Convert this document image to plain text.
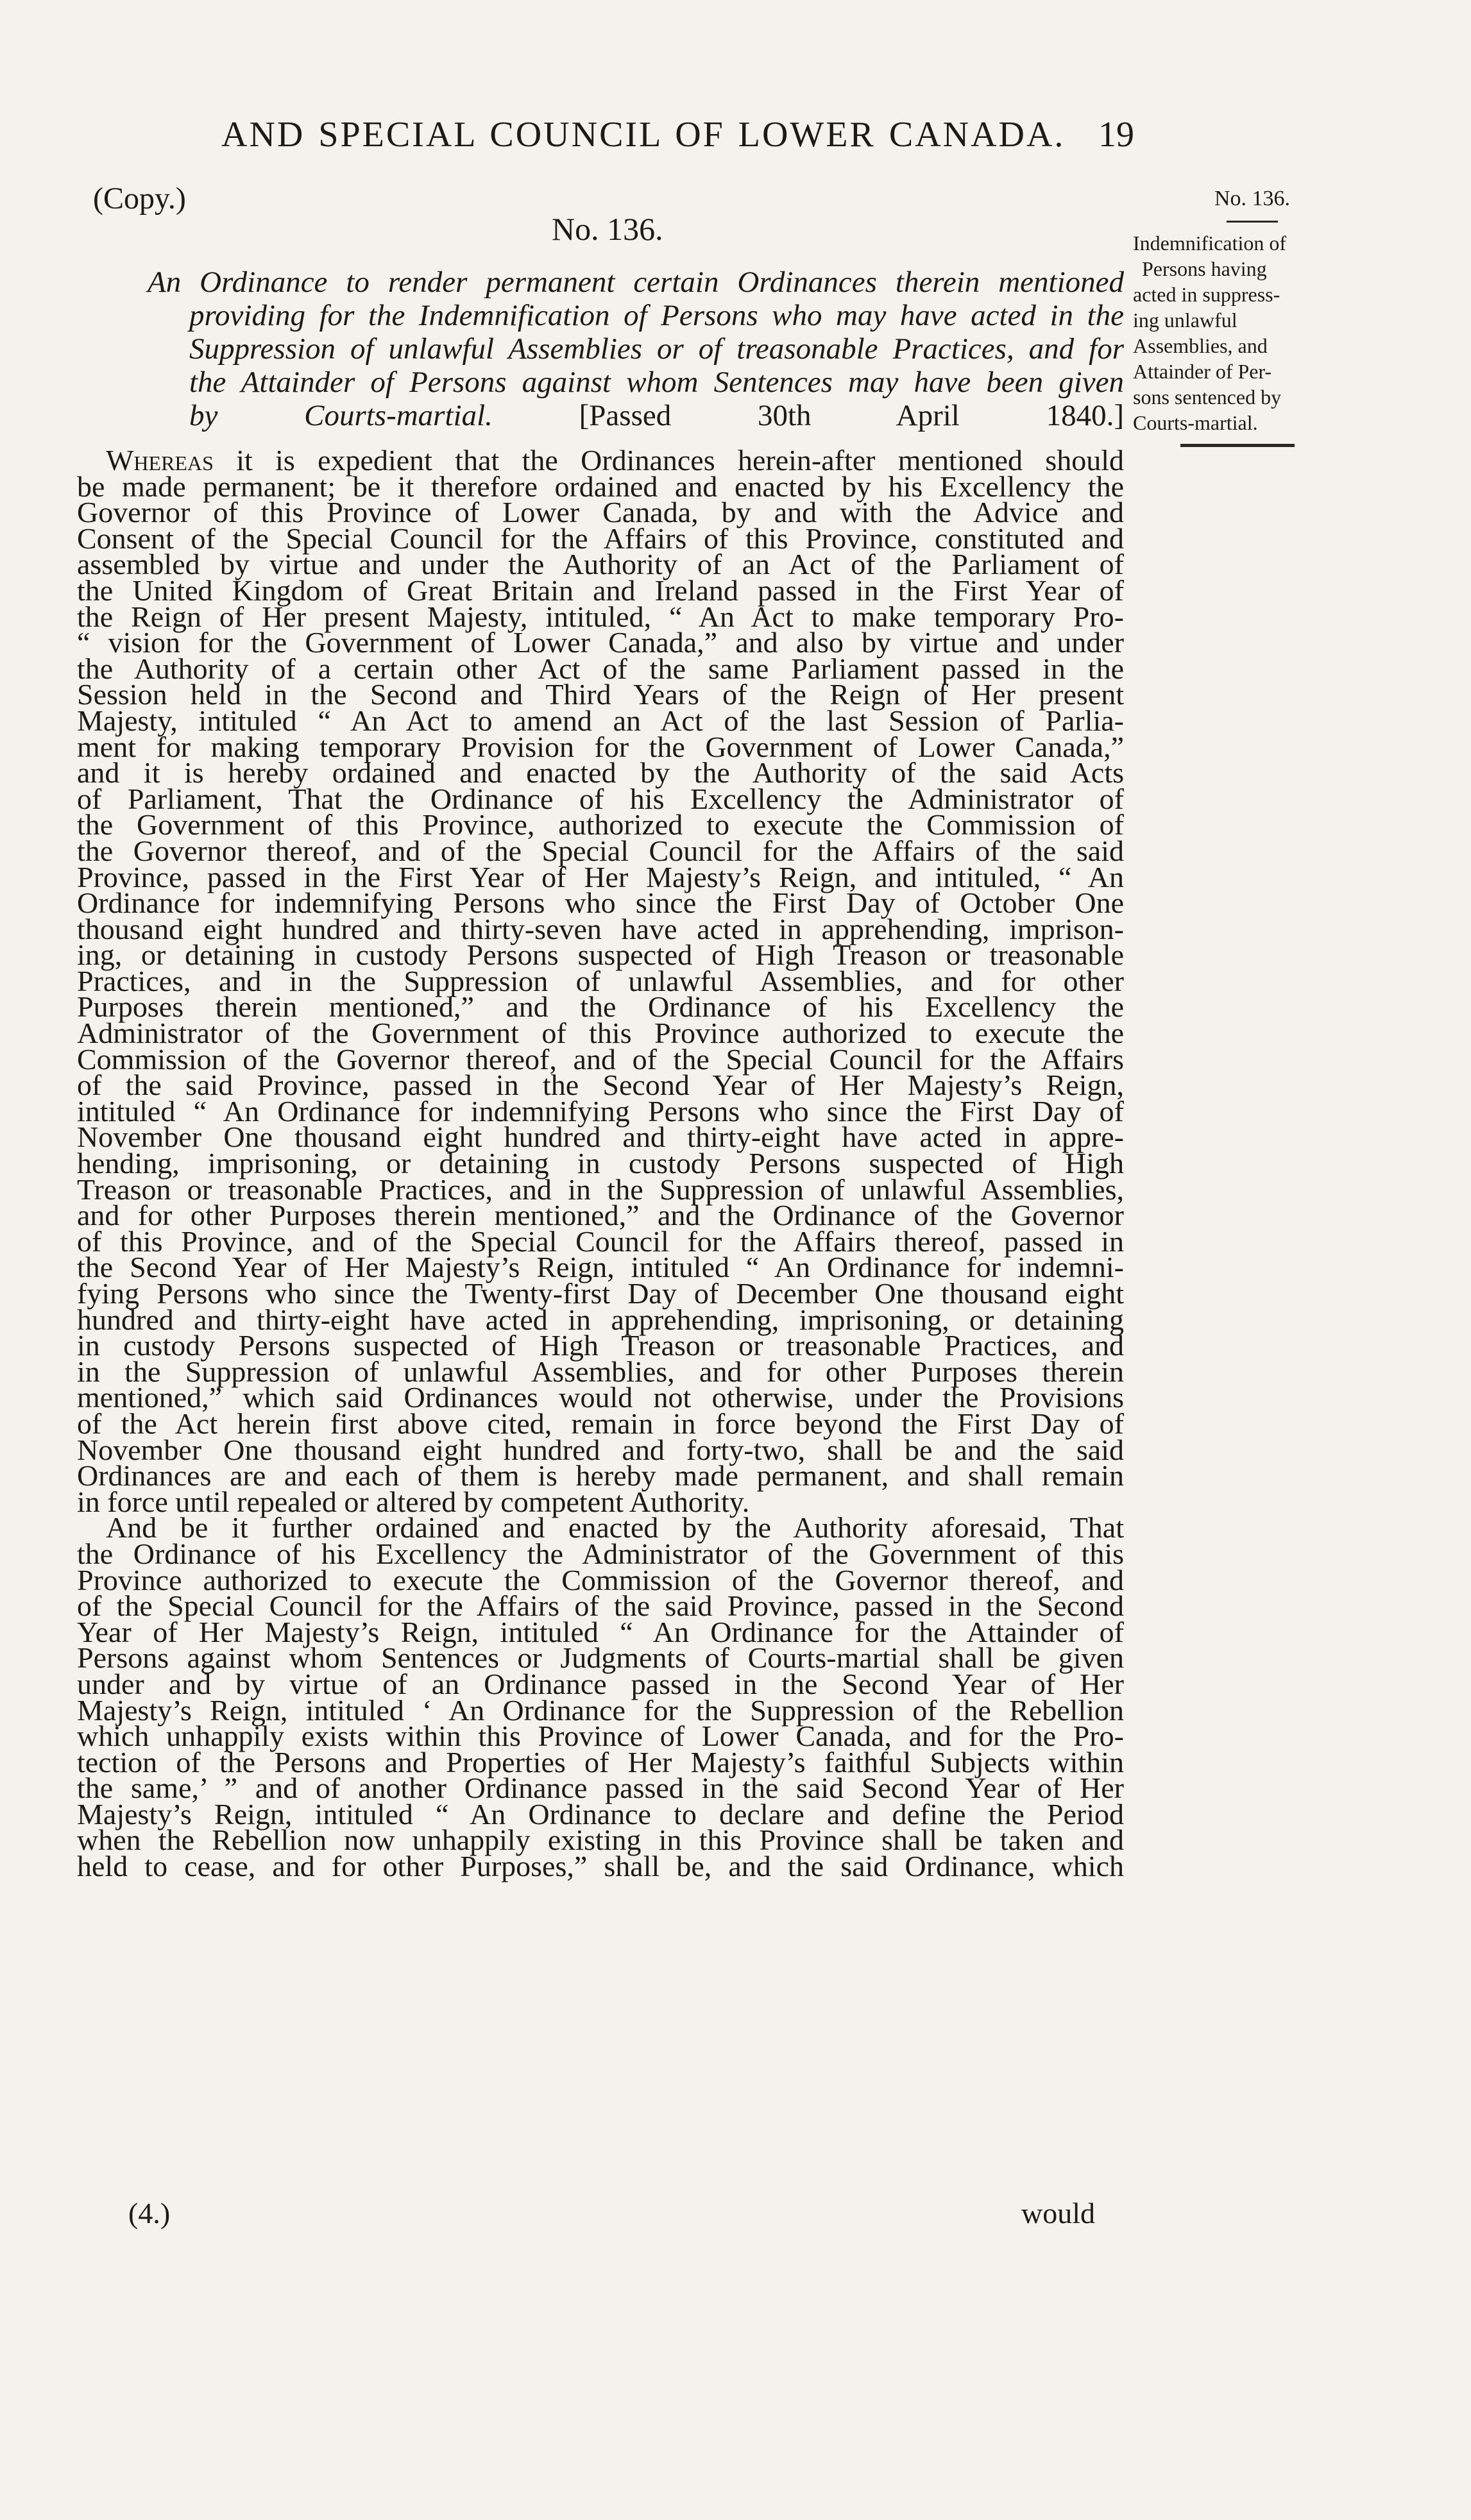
AND SPECIAL COUNCIL OF LOWER CANADA. 19
(Copy.)
No. 136.
An Ordinance to render permanent certain Ordinances therein mentioned
providing for the Indemnification of Persons who may have acted in the
Suppression of unlawful Assemblies or of treasonable Practices, and for
the Attainder of Persons against whom Sentences may have been given
by Courts-martial.	[Passed 30th April 1840.]
No. 136.
Indemnification of
Persons having
acted in suppress-
ing unlawful
Assemblies, and
Attainder of Per-
sons sentenced by
Courts-martial.
Whereas it is expedient that the Ordinances herein-after mentioned should
be made permanent; be it therefore ordained and enacted by his Excellency the
Governor of this Province of Lower Canada, by and with the Advice and
Consent of the Special Council for the Affairs of this Province, constituted and
assembled by virtue and under the Authority of an Act of the Parliament of
the United Kingdom of Great Britain and Ireland passed in the First Year of
the Reign of Her present Majesty, intituled, “ An Act to make temporary Pro-
“ vision for the Government of Lower Canada,” and also by virtue and under
the Authority of a certain other Act of the same Parliament passed in the
Session held in the Second and Third Years of the Reign of Her present
Majesty, intituled “ An Act to amend an Act of the last Session of Parlia-
ment for making temporary Provision for the Government of Lower Canada,”
and it is hereby ordained and enacted by the Authority of the said Acts
of Parliament, That the Ordinance of his Excellency the Administrator of
the Government of this Province, authorized to execute the Commission of
the Governor thereof, and of the Special Council for the Affairs of the said
Province, passed in the First Year of Her Majesty’s Reign, and intituled, “ An
Ordinance for indemnifying Persons who since the First Day of October One
thousand eight hundred and thirty-seven have acted in apprehending, imprison-
ing, or detaining in custody Persons suspected of High Treason or treasonable
Practices, and in the Suppression of unlawful Assemblies, and for other
Purposes therein mentioned,” and the Ordinance of his Excellency the
Administrator of the Government of this Province authorized to execute the
Commission of the Governor thereof, and of the Special Council for the Affairs
of the said Province, passed in the Second Year of Her Majesty’s Reign,
intituled “ An Ordinance for indemnifying Persons who since the First Day of
November One thousand eight hundred and thirty-eight have acted in appre-
hending, imprisoning, or detaining in custody Persons suspected of High
Treason or treasonable Practices, and in the Suppression of unlawful Assemblies,
and for other Purposes therein mentioned,” and the Ordinance of the Governor
of this Province, and of the Special Council for the Affairs thereof, passed in
the Second Year of Her Majesty’s Reign, intituled “ An Ordinance for indemni-
fying Persons who since the Twenty-first Day of December One thousand eight
hundred and thirty-eight have acted in apprehending, imprisoning, or detaining
in custody Persons suspected of High Treason or treasonable Practices, and
in the Suppression of unlawful Assemblies, and for other Purposes therein
mentioned,” which said Ordinances would not otherwise, under the Provisions
of the Act herein first above cited, remain in force beyond the First Day of
November One thousand eight hundred and forty-two, shall be and the said
Ordinances are and each of them is hereby made permanent, and shall remain
in force until repealed or altered by competent Authority.
And be it further ordained and enacted by the Authority aforesaid, That
the Ordinance of his Excellency the Administrator of the Government of this
Province authorized to execute the Commission of the Governor thereof, and
of the Special Council for the Affairs of the said Province, passed in the Second
Year of Her Majesty’s Reign, intituled “ An Ordinance for the Attainder of
Persons against whom Sentences or Judgments of Courts-martial shall be given
under and by virtue of an Ordinance passed in the Second Year of Her
Majesty’s Reign, intituled ‘ An Ordinance for the Suppression of the Rebellion
which unhappily exists within this Province of Lower Canada, and for the Pro-
tection of the Persons and Properties of Her Majesty’s faithful Subjects within
the same,’ ” and of another Ordinance passed in the said Second Year of Her
Majesty’s Reign, intituled “ An Ordinance to declare and define the Period
when the Rebellion now unhappily existing in this Province shall be taken and
held to cease, and for other Purposes,” shall be, and the said Ordinance, which
(4.)	would
